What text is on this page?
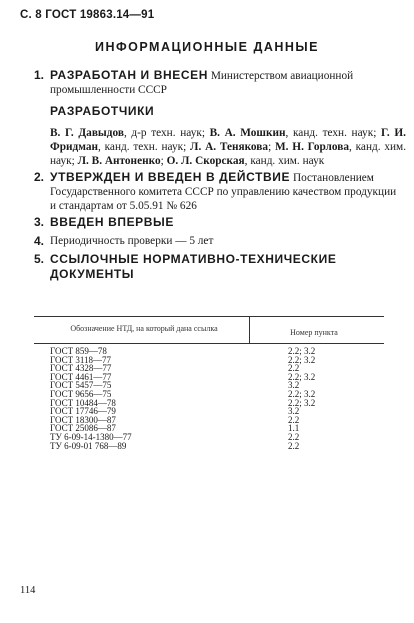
С. 8 ГОСТ 19863.14—91
ИНФОРМАЦИОННЫЕ ДАННЫЕ
1. РАЗРАБОТАН И ВНЕСЕН Министерством авиационной промышленности СССР
РАЗРАБОТЧИКИ
В. Г. Давыдов, д-р техн. наук; В. А. Мошкин, канд. техн. наук; Г. И. Фридман, канд. техн. наук; Л. А. Тенякова; М. Н. Горлова, канд. хим. наук; Л. В. Антоненко; О. Л. Скорская, канд. хим. наук
2. УТВЕРЖДЕН И ВВЕДЕН В ДЕЙСТВИЕ Постановлением Государственного комитета СССР по управлению качеством продукции и стандартам от 5.05.91 № 626
3. ВВЕДЕН ВПЕРВЫЕ
4. Периодичность проверки — 5 лет
5. ССЫЛОЧНЫЕ НОРМАТИВНО-ТЕХНИЧЕСКИЕ ДОКУМЕНТЫ
Обозначение НТД, на который дана ссылка	Номер пункта
ГОСТ 859—78	2.2; 3.2
ГОСТ 3118—77	2.2; 3.2
ГОСТ 4328—77	2.2
ГОСТ 4461—77	2.2; 3.2
ГОСТ 5457—75	3.2
ГОСТ 9656—75	2.2; 3.2
ГОСТ 10484—78	2.2; 3.2
ГОСТ 17746—79	3.2
ГОСТ 18300—87	2.2
ГОСТ 25086—87	1.1
ТУ 6-09-14-1380—77	2.2
ТУ 6-09-01 768—89	2.2
114
